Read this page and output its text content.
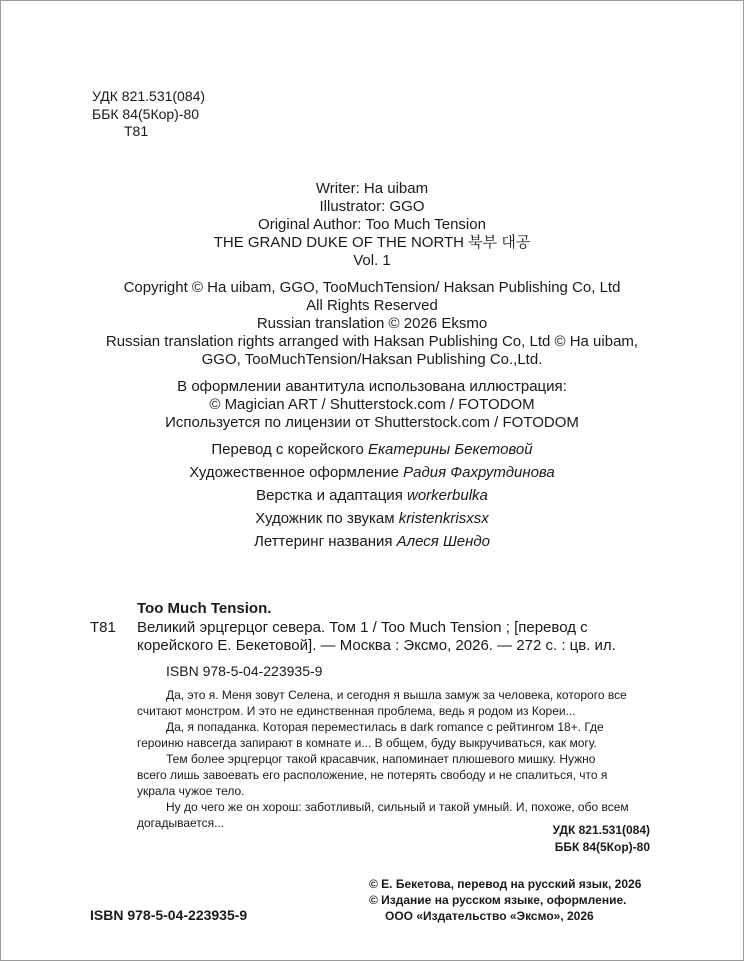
УДК 821.531(084)
ББК 84(5Кор)-80
Т81
Writer: Ha uibam
Illustrator: GGO
Original Author: Too Much Tension
THE GRAND DUKE OF THE NORTH 북부 대공
Vol. 1
Copyright © Ha uibam, GGO, TooMuchTension/ Haksan Publishing Co, Ltd
All Rights Reserved
Russian translation © 2026 Eksmo
Russian translation rights arranged with Haksan Publishing Co, Ltd © Ha uibam,
GGO, TooMuchTension/Haksan Publishing Co.,Ltd.
В оформлении авантитула использована иллюстрация:
© Magician ART / Shutterstock.com / FOTODOM
Используется по лицензии от Shutterstock.com / FOTODOM
Перевод с корейского Екатерины Бекетовой
Художественное оформление Радия Фахрутдинова
Верстка и адаптация workerbulka
Художник по звукам kristenkrisxsx
Леттеринг названия Алеся Шендо
Too Much Tension.
Т81 Великий эрцгерцог севера. Том 1 / Too Much Tension ; [перевод с
корейского Е. Бекетовой]. — Москва : Эксмо, 2026. — 272 с. : цв. ил.
ISBN 978-5-04-223935-9
Да, это я. Меня зовут Селена, и сегодня я вышла замуж за человека, которого все
считают монстром. И это не единственная проблема, ведь я родом из Кореи...
Да, я попаданка. Которая переместилась в dark romance с рейтингом 18+. Где
героиню навсегда запирают в комнате и... В общем, буду выкручиваться, как могу.
Тем более эрцгерцог такой красавчик, напоминает плюшевого мишку. Нужно
всего лишь завоевать его расположение, не потерять свободу и не спалиться, что я
украла чужое тело.
Ну до чего же он хорош: заботливый, сильный и такой умный. И, похоже, обо всем
догадывается...	УДК 821.531(084)
ББК 84(5Кор)-80
ISBN 978-5-04-223935-9
© Е. Бекетова, перевод на русский язык, 2026
© Издание на русском языке, оформление.
ООО «Издательство «Эксмо», 2026
